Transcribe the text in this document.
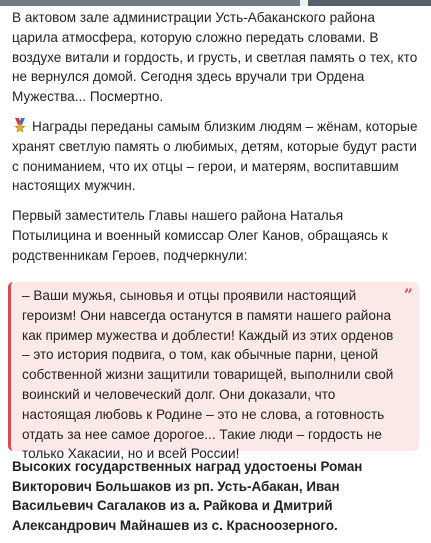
В актовом зале администрации Усть-Абаканского района царила атмосфера, которую сложно передать словами. В воздухе витали и гордость, и грусть, и светлая память о тех, кто не вернулся домой. Сегодня здесь вручали три Ордена Мужества... Посмертно.

Награды переданы самым близким людям – жёнам, которые хранят светлую память о любимых, детям, которые будут расти с пониманием, что их отцы – герои, и матерям, воспитавшим настоящих мужчин.

Первый заместитель Главы нашего района Наталья Потылицина и военный комиссар Олег Канов, обращаясь к родственникам Героев, подчеркнули:

– Ваши мужья, сыновья и отцы проявили настоящий героизм! Они навсегда останутся в памяти нашего района как пример мужества и доблести! Каждый из этих орденов – это история подвига, о том, как обычные парни, ценой собственной жизни защитили товарищей, выполнили свой воинский и человеческий долг. Они доказали, что настоящая любовь к Родине – это не слова, а готовность отдать за нее самое дорогое... Такие люди – гордость не только Хакасии, но и всей России!
”

Высоких государственных наград удостоены Роман Викторович Большаков из рп. Усть-Абакан, Иван Васильевич Сагалаков из а. Райкова и Дмитрий Александрович Майнашев из с. Красноозерного.
